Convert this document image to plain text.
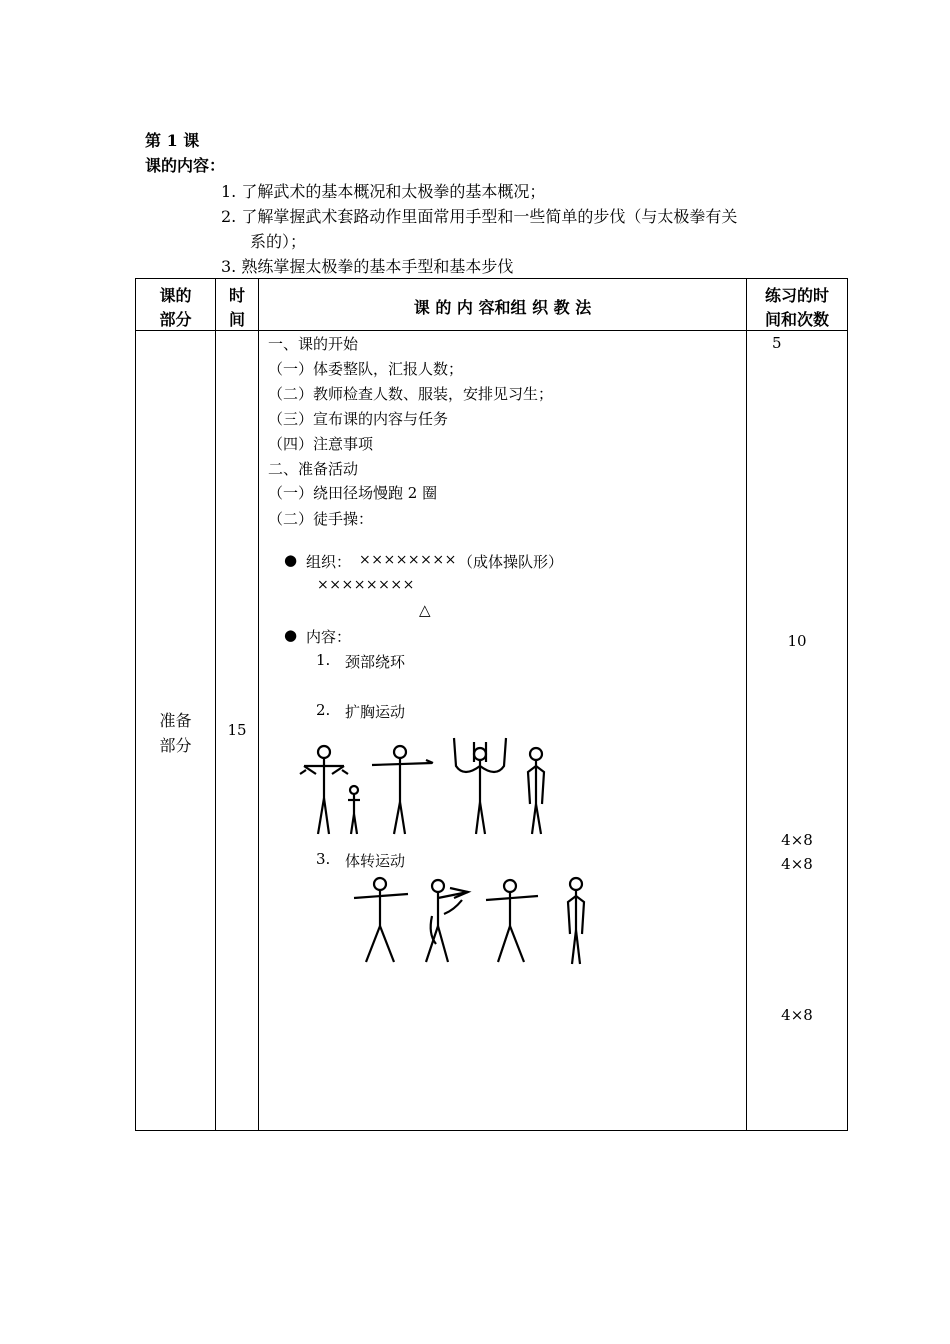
第 1 课
课的内容：
1. 了解武术的基本概况和太极拳的基本概况；
2. 了解掌握武术套路动作里面常用手型和一些简单的步伐（与太极拳有关
系的）；
3. 熟练掌握太极拳的基本手型和基本步伐
课的
部分
时
间
课 的 内 容和组 织 教 法
练习的时
间和次数
准备
部分
15
一、课的开始
（一）体委整队，汇报人数；
（二）教师检查人数、服装，安排见习生；
（三）宣布课的内容与任务
（四）注意事项
二、准备活动
（一）绕田径场慢跑 2 圈
（二）徒手操：
● 组织： ×××××××× （成体操队形）
××××××××
△
● 内容：
1. 颈部绕环
2. 扩胸运动
3. 体转运动
5
10
4×8
4×8
4×8
